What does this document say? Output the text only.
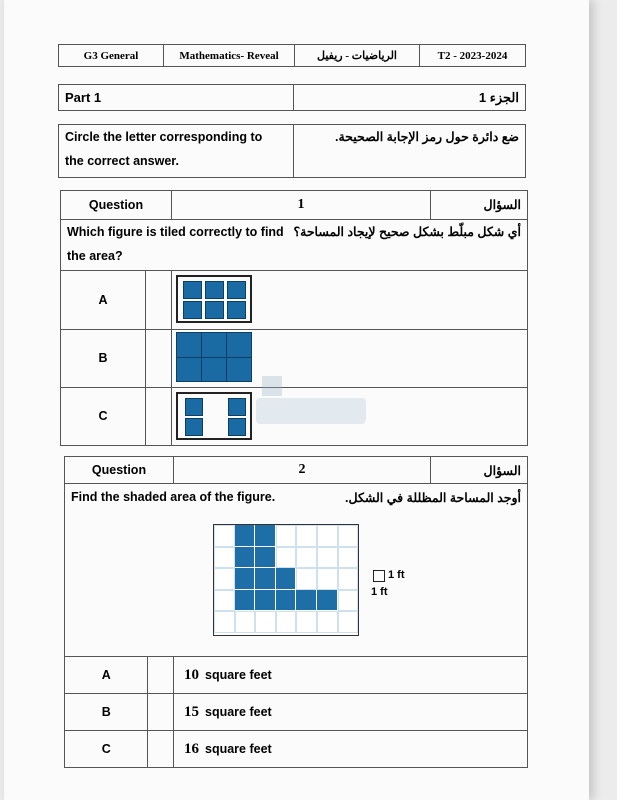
G3 General	Mathematics- Reveal	الرياضيات - ريفيل	T2 - 2023-2024
Part 1	الجزء 1
Circle the letter corresponding to
the correct answer.
	ضع دائرة حول رمز الإجابة الصحيحة.
Question		1	السؤال

Which figure is tiled correctly to find
the area?
أي شكل مبلّط بشكل صحيح لإيجاد المساحة؟			

A			

B			

C			
Question		2	السؤال

Find the shaded area of the figure. أوجد المساحة المظللة في الشكل.
1 ft
1 ft			

A		10 square feet	
B		15 square feet	
C		16 square feet	
